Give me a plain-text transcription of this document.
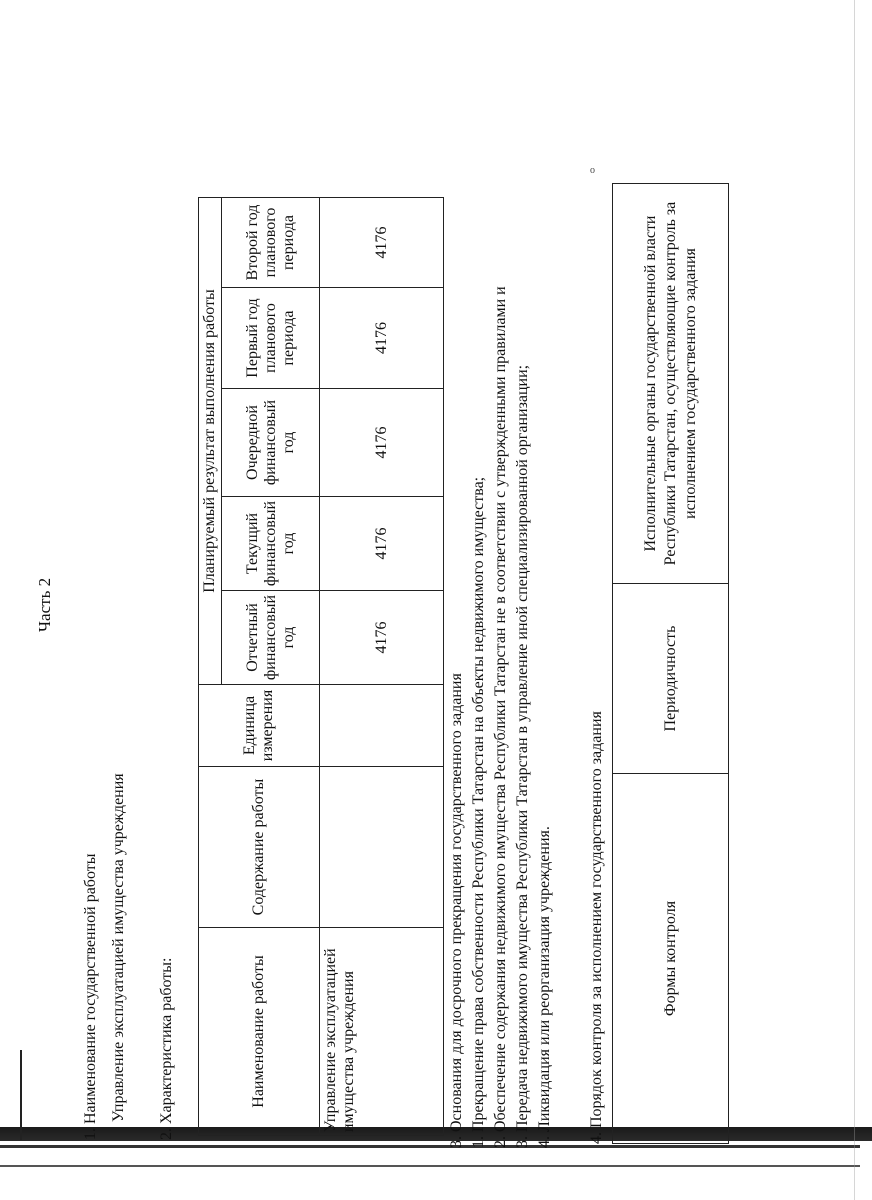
o
Часть 2
1. Наименование государственной работы Управление эксплуатацией имущества учреждения 2. Характеристика работы:	Наименование работы	Содержание работы	Единица измерения	Планируемый результат выполнения работы				
			Отчетный финансовый год	Текущий финансовый год	Очередной финансовый год	Первый год планового периода	Второй год планового периода
Управление эксплуатацией имущества учреждения			4176	4176	4176	4176	4176
3. Основания для досрочного прекращения государственного задания 1. Прекращение права собственности Республики Татарстан на объекты недвижимого имущества; 2. Обеспечение содержания недвижимого имущества Республики Татарстан не в соответствии с утвержденными правилами и 3. Передача недвижимого имущества Республики Татарстан в управление иной специализированной организации; 4. Ликвидация или реорганизация учреждения. 4. Порядок контроля за исполнением государственного задания	Формы контроля	Периодичность	Исполнительные органы государственной власти Республики Татарстан, осуществляющие контроль за исполнением государственного задания
